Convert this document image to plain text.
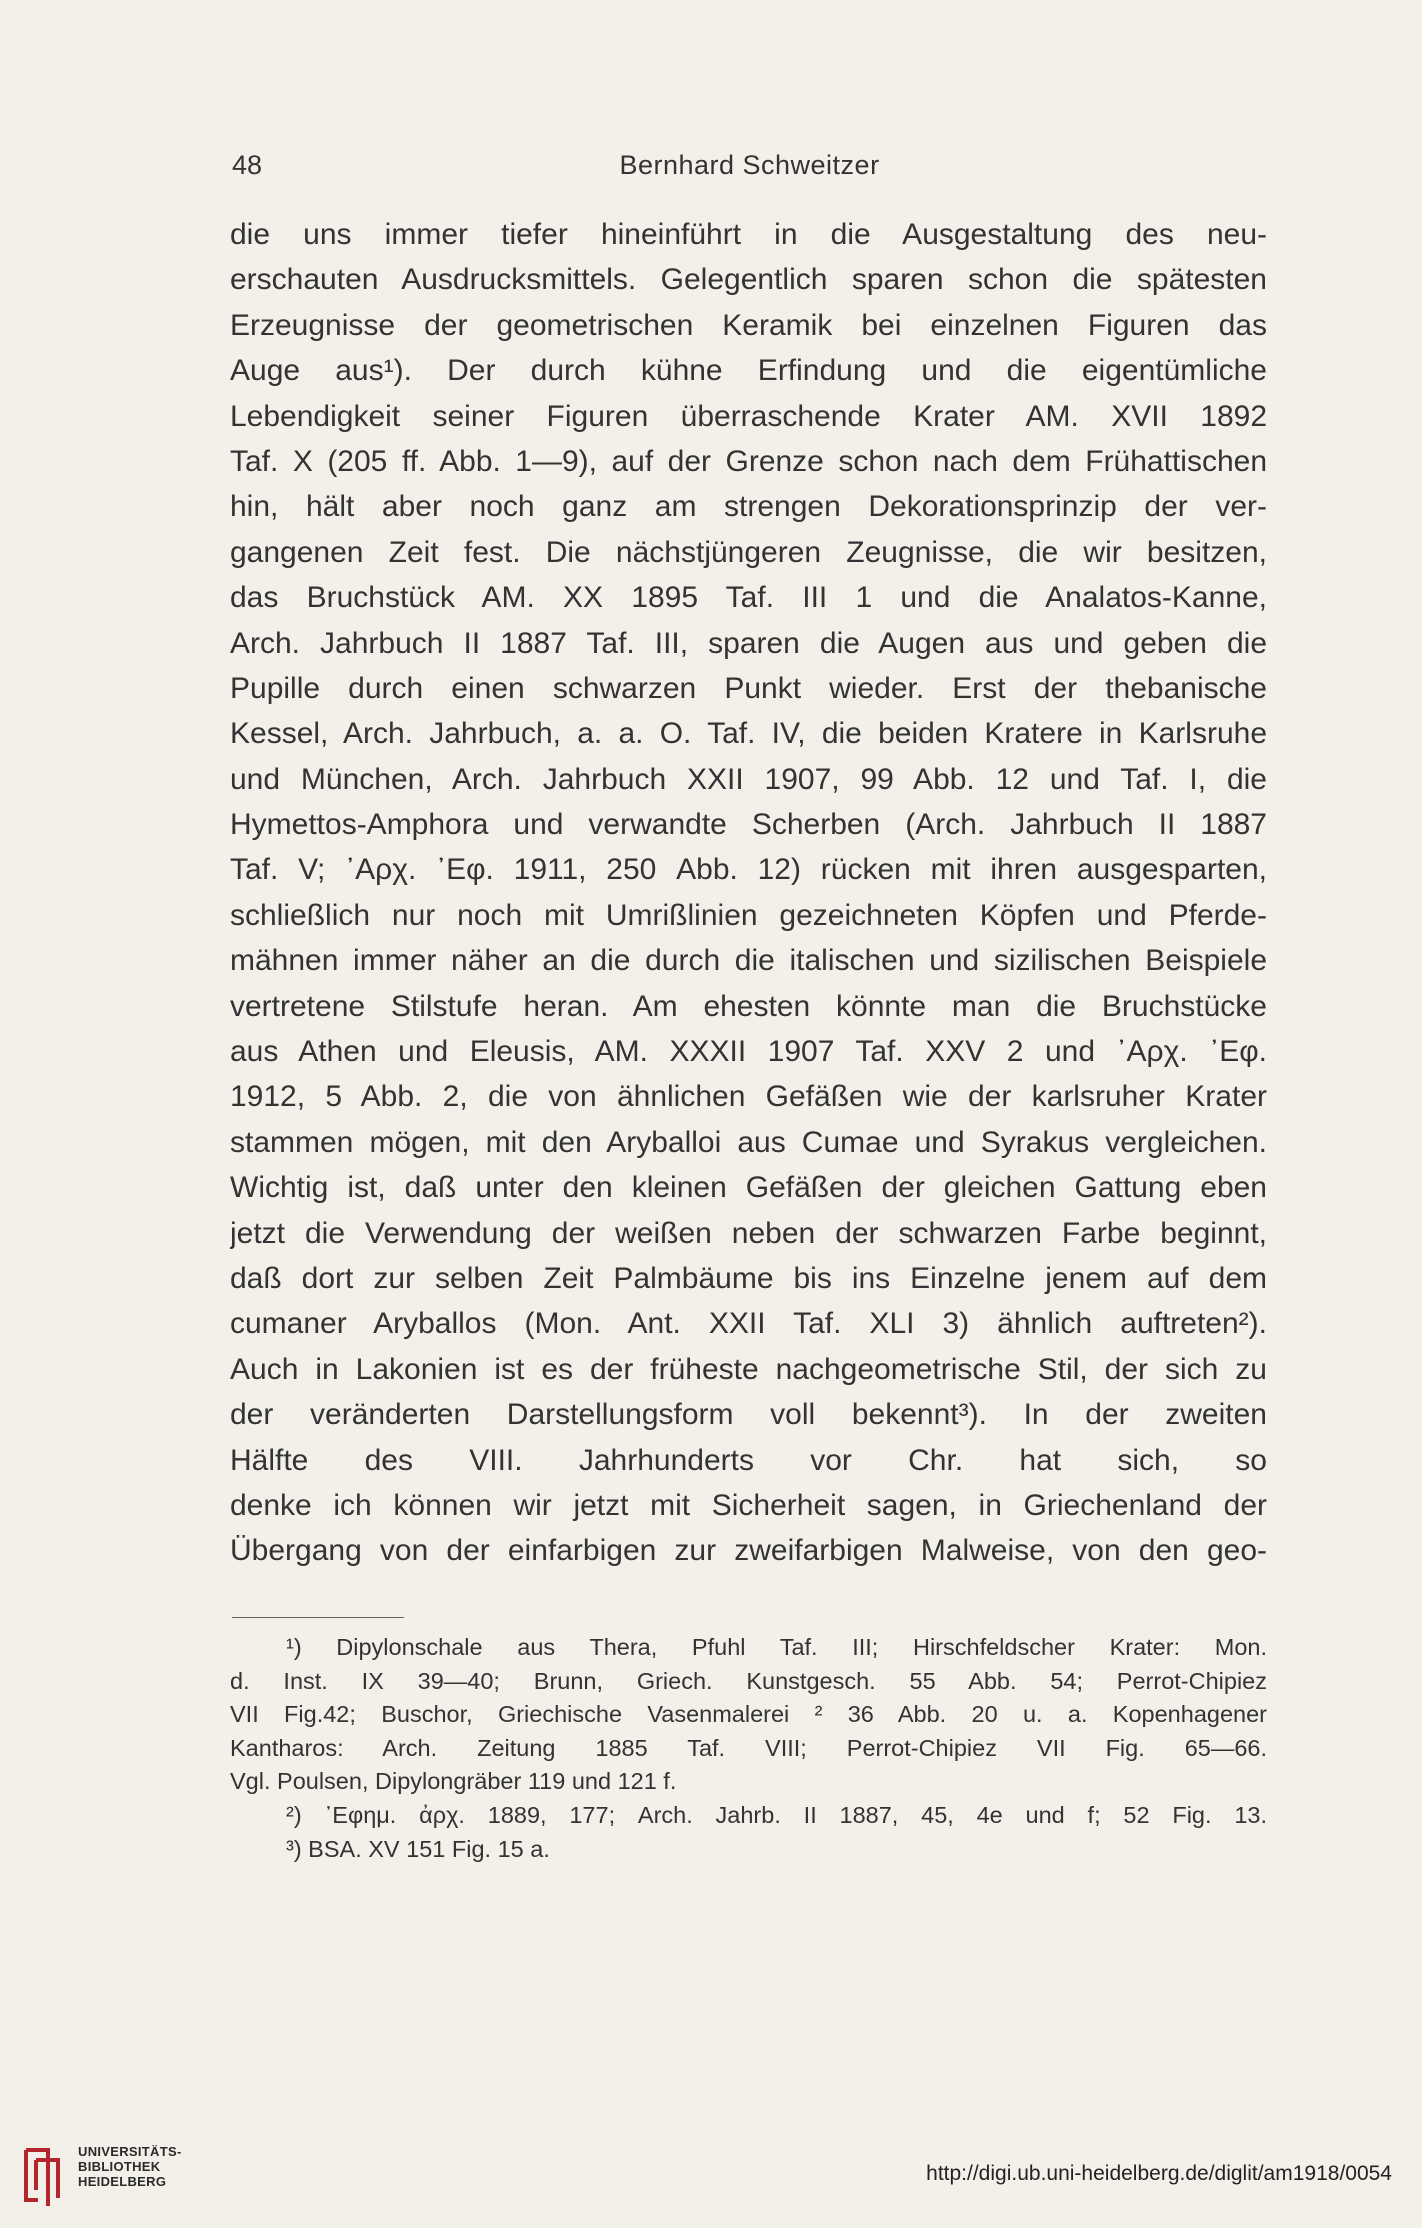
48	Bernhard Schweitzer
die uns immer tiefer hineinführt in die Ausgestaltung des neu-
erschauten Ausdrucksmittels. Gelegentlich sparen schon die spätesten
Erzeugnisse der geometrischen Keramik bei einzelnen Figuren das
Auge aus¹). Der durch kühne Erfindung und die eigentümliche
Lebendigkeit seiner Figuren überraschende Krater AM. XVII 1892
Taf. X (205 ff. Abb. 1—9), auf der Grenze schon nach dem Frühattischen
hin, hält aber noch ganz am strengen Dekorationsprinzip der ver-
gangenen Zeit fest. Die nächstjüngeren Zeugnisse, die wir besitzen,
das Bruchstück AM. XX 1895 Taf. III 1 und die Analatos-Kanne,
Arch. Jahrbuch II 1887 Taf. III, sparen die Augen aus und geben die
Pupille durch einen schwarzen Punkt wieder. Erst der thebanische
Kessel, Arch. Jahrbuch, a. a. O. Taf. IV, die beiden Kratere in Karlsruhe
und München, Arch. Jahrbuch XXII 1907, 99 Abb. 12 und Taf. I, die
Hymettos-Amphora und verwandte Scherben (Arch. Jahrbuch II 1887
Taf. V; ᾿Αρχ. ᾿Εφ. 1911, 250 Abb. 12) rücken mit ihren ausgesparten,
schließlich nur noch mit Umrißlinien gezeichneten Köpfen und Pferde-
mähnen immer näher an die durch die italischen und sizilischen Beispiele
vertretene Stilstufe heran. Am ehesten könnte man die Bruchstücke
aus Athen und Eleusis, AM. XXXII 1907 Taf. XXV 2 und ᾿Αρχ. ᾿Εφ.
1912, 5 Abb. 2, die von ähnlichen Gefäßen wie der karlsruher Krater
stammen mögen, mit den Aryballoi aus Cumae und Syrakus vergleichen.
Wichtig ist, daß unter den kleinen Gefäßen der gleichen Gattung eben
jetzt die Verwendung der weißen neben der schwarzen Farbe beginnt,
daß dort zur selben Zeit Palmbäume bis ins Einzelne jenem auf dem
cumaner Aryballos (Mon. Ant. XXII Taf. XLI 3) ähnlich auftreten²).
Auch in Lakonien ist es der früheste nachgeometrische Stil, der sich zu
der veränderten Darstellungsform voll bekennt³). In der zweiten
Hälfte des VIII. Jahrhunderts vor Chr. hat sich, so
denke ich können wir jetzt mit Sicherheit sagen, in Griechenland der
Übergang von der einfarbigen zur zweifarbigen Malweise, von den geo-
¹) Dipylonschale aus Thera, Pfuhl Taf. III; Hirschfeldscher Krater: Mon.
d. Inst. IX 39—40; Brunn, Griech. Kunstgesch. 55 Abb. 54; Perrot-Chipiez
VII Fig.42; Buschor, Griechische Vasenmalerei ² 36 Abb. 20 u. a. Kopenhagener
Kantharos: Arch. Zeitung 1885 Taf. VIII; Perrot-Chipiez VII Fig. 65—66.
Vgl. Poulsen, Dipylongräber 119 und 121 f.
²) ᾿Εφημ. ἀρχ. 1889, 177; Arch. Jahrb. II 1887, 45, 4e und f; 52 Fig. 13.
³) BSA. XV 151 Fig. 15 a.
UNIVERSITÄTS-
BIBLIOTHEK
HEIDELBERG	http://digi.ub.uni-heidelberg.de/diglit/am1918/0054
